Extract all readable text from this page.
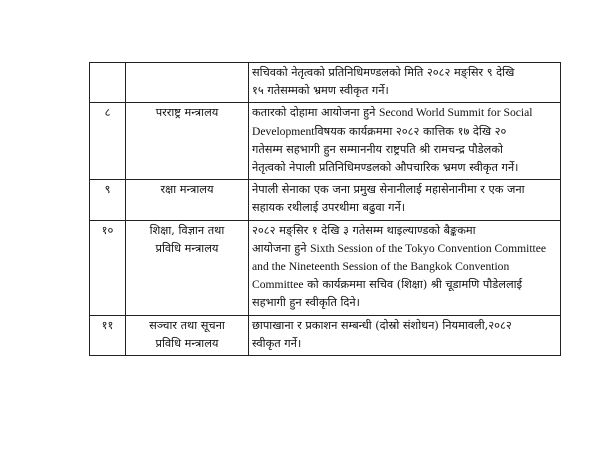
		सचिवको नेतृत्वको प्रतिनिधिमण्डलको मिति २०८२ मङ्सिर ९ देखि
१५ गतेसम्मको भ्रमण स्वीकृत गर्ने।

८	परराष्ट्र मन्त्रालय	कतारको दोहामा आयोजना हुने Second World Summit for Social
Developmentविषयक कार्यक्रममा २०८२ कात्तिक १७ देखि २०
गतेसम्म सहभागी हुन सम्माननीय राष्ट्रपति श्री रामचन्द्र पौडेलको
नेतृत्वको नेपाली प्रतिनिधिमण्डलको औपचारिक भ्रमण स्वीकृत गर्ने।

९	रक्षा मन्त्रालय	नेपाली सेनाका एक जना प्रमुख सेनानीलाई महासेनानीमा र एक जना
सहायक रथीलाई उपरथीमा बढुवा गर्ने।

१०	शिक्षा, विज्ञान तथा
प्रविधि मन्त्रालय	२०८२ मङ्सिर १ देखि ३ गतेसम्म थाइल्याण्डको बैङ्ककमा
आयोजना हुने Sixth Session of the Tokyo Convention Committee
and the Nineteenth Session of the Bangkok Convention
Committee को कार्यक्रममा सचिव (शिक्षा) श्री चूडामणि पौडेललाई
सहभागी हुन स्वीकृति दिने।

११	सञ्चार तथा सूचना
प्रविधि मन्त्रालय	छापाखाना र प्रकाशन सम्बन्धी (दोस्रो संशोधन) नियमावली,२०८२
स्वीकृत गर्ने।
